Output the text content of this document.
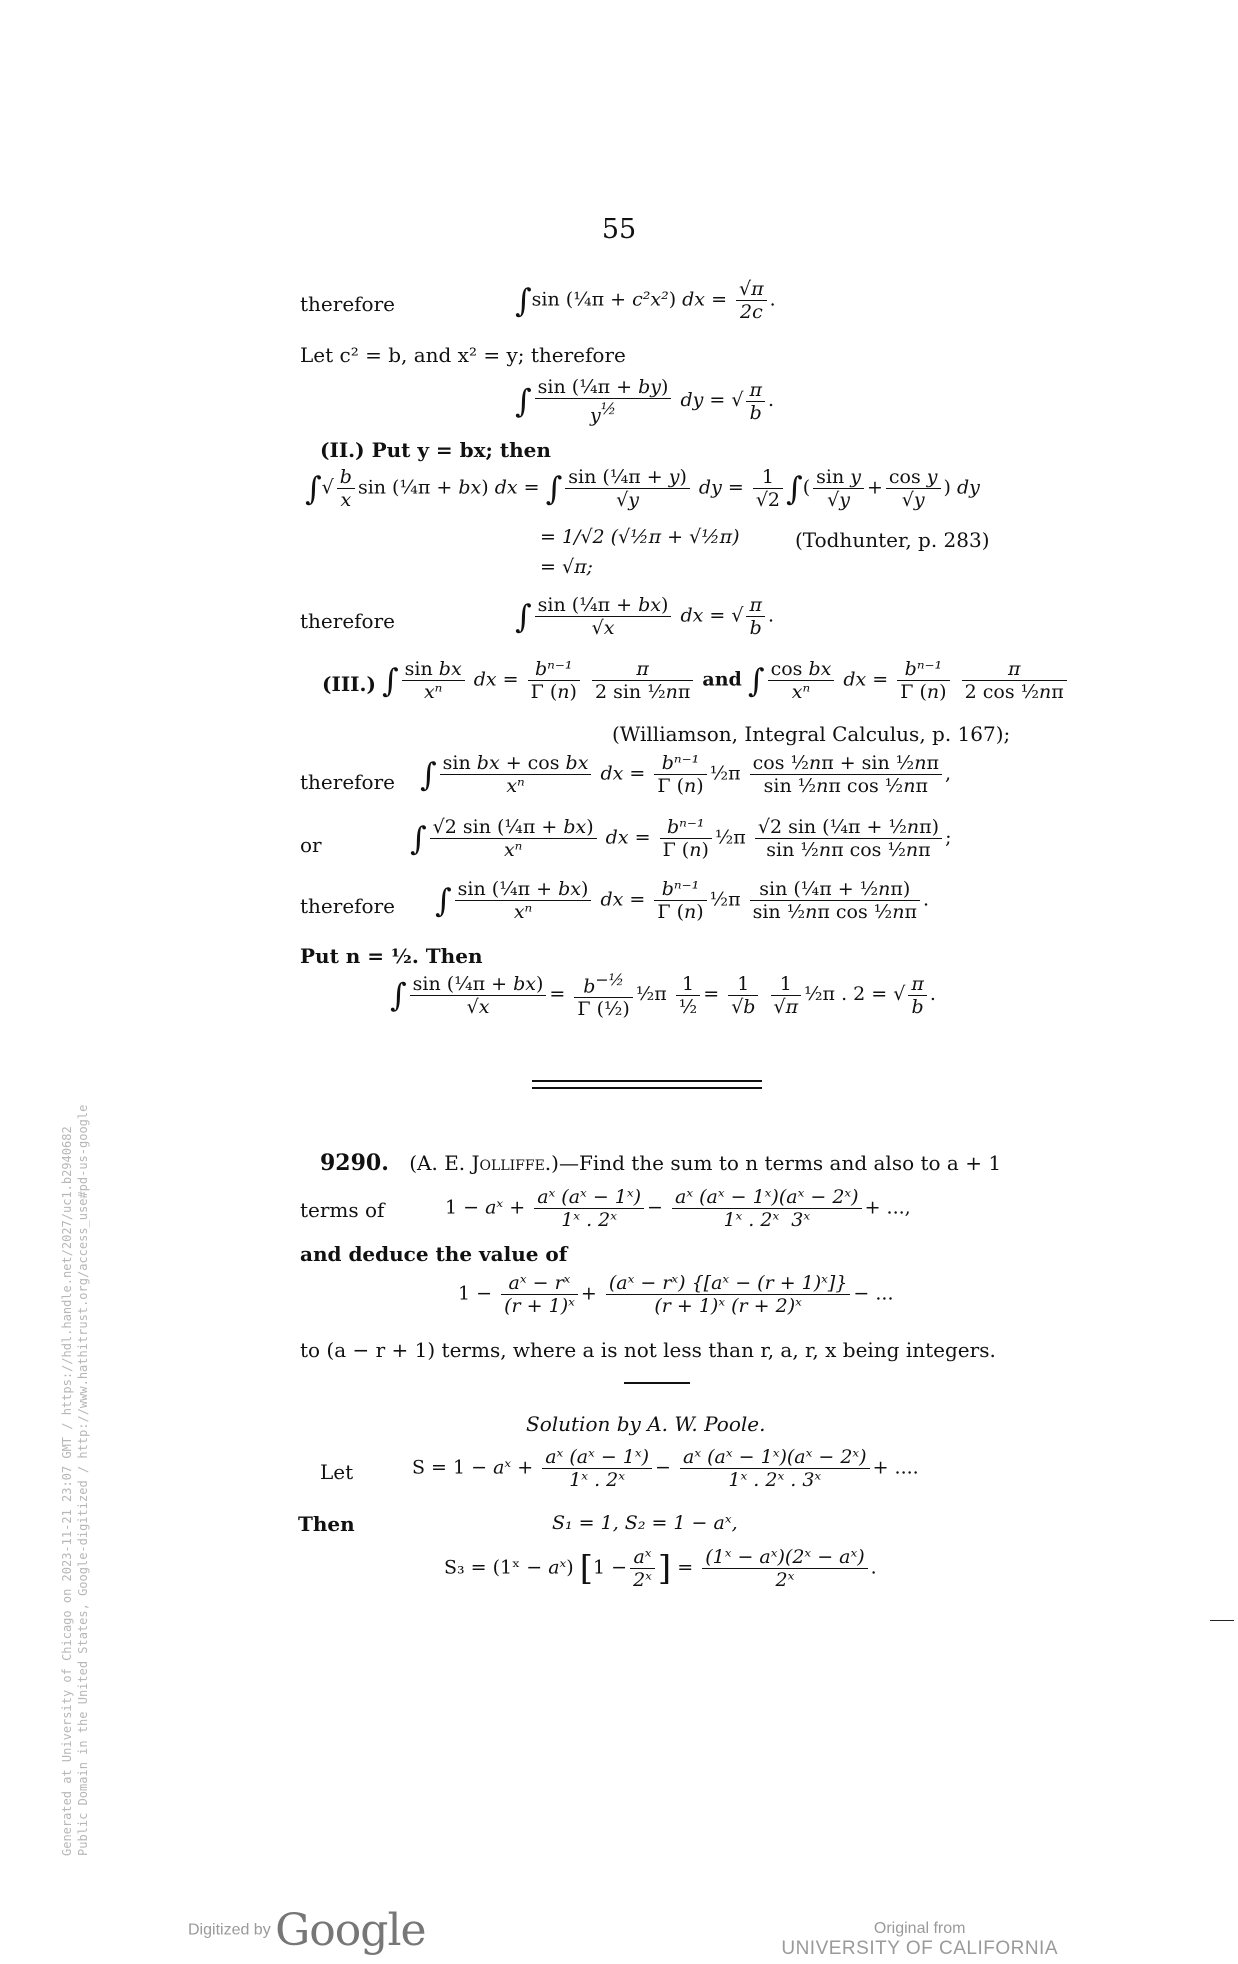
55
therefore	∫sin (¼π + c²x²) dx = $\frac{√\pi}{2c}$ .
Let c² = b, and x² = y; therefore
∫ $\frac{\text{sin (¼π + by)}}{y^{\frac{1}{2}}}$ dy = √ $\frac{\pi}{b}$ .
(II.) Put y = bx; then
∫√ $\frac{b}{x}$ sin (¼π + bx) dx = ∫ $\frac{\text{sin (¼π + y)}}{√y}$ dy = $\frac{1}{√2}$ ∫( $\frac{\text{sin y}}{√y} + \frac{\text{cos y}}{√y}$ ) dy
= 1/√2 (√½π + √½π)	(Todhunter, p. 283)
= √π;
therefore	∫ $\frac{\text{sin (¼π + bx)}}{√x}$ dx = √ $\frac{\pi}{b}$ .
(III.) ∫ $\frac{\text{sin bx}}{\text{xⁿ}}$ dx = $\frac{\text{bⁿ⁻¹}}{\Gamma (n)}$
$\frac{\pi}{\text{2 sin ½nπ}}$ and ∫ $\frac{\text{cos bx}}{\text{xⁿ}}$ dx = $\frac{\text{bⁿ⁻¹}}{\Gamma (n)}$
$\frac{\pi}{\text{2 cos ½nπ}}$
(Williamson, Integral Calculus, p. 167);
therefore ∫ $\frac{\text{sin bx + cos bx}}{\text{xⁿ}}$ dx = $\frac{\text{bⁿ⁻¹}}{\Gamma (n)}$ ½π $\frac{\text{cos ½nπ + sin ½nπ}}{\text{sin ½nπ cos ½nπ}}$ ,
or	∫ $\frac{\text{√2 sin (¼π + bx)}}{\text{xⁿ}}$ dx = $\frac{\text{bⁿ⁻¹}}{\Gamma (n)}$ ½π $\frac{\text{√2 sin (¼π + ½nπ)}}{\text{sin ½nπ cos ½nπ}}$ ;
therefore ∫ $\frac{\text{sin (¼π + bx)}}{\text{xⁿ}}$ dx = $\frac{\text{bⁿ⁻¹}}{\Gamma (n)}$ ½π $\frac{\text{sin (¼π + ½nπ)}}{\text{sin ½nπ cos ½nπ}}$ .
Put n = ½. Then
∫ $\frac{\text{sin (¼π + bx)}}{√x} = \frac{b^{-\frac{1}{2}}}{\text{Γ (½)}}$ ½π $\frac{1}{\text{½}} = \frac{1}{√b}$
$\frac{1}{√\pi}$ ½π . 2 = √ $\frac{\pi}{b}$ .
9290. (A. E. Jolliffe.)—Find the sum to n terms and also to a + 1
terms of	1 − aˣ + $\frac{\text{aˣ (aˣ − 1ˣ)}}{\text{1ˣ . 2ˣ}} - \frac{\text{aˣ (aˣ − 1ˣ)(aˣ − 2ˣ)}}{\text{1ˣ . 2ˣ  3ˣ}}$ + ...,
and deduce the value of
$1 - \frac{\text{aˣ − rˣ}}{\text{(r + 1)ˣ}} + \frac{\text{(aˣ − rˣ) \{[aˣ − (r + 1)ˣ]\}}}{\text{(r + 1)ˣ (r + 2)ˣ}}$ − ...
to (a − r + 1) terms, where a is not less than r, a, r, x being integers.
Solution by A. W. Poole.
Let	S = 1 − aˣ + $\frac{\text{aˣ (aˣ − 1ˣ)}}{\text{1ˣ . 2ˣ}} - \frac{\text{aˣ (aˣ − 1ˣ)(aˣ − 2ˣ)}}{\text{1ˣ . 2ˣ . 3ˣ}}$ + ....
Then	S₁ = 1, S₂ = 1 − aˣ,
S₃ = (1ˣ − aˣ) [$1 - \frac{\text{aˣ}}{\text{2ˣ}}$ ] = $\frac{\text{(1ˣ − aˣ)(2ˣ − aˣ)}}{\text{2ˣ}}$ .
Generated at University of Chicago on 2023-11-21 23:07 GMT / https://hdl.handle.net/2027/uc1.b2940682 Public Domain in the United States, Google-digitized / http://www.hathitrust.org/access_use#pd-us-google
Digitized by Google	Original from
UNIVERSITY OF CALIFORNIA
